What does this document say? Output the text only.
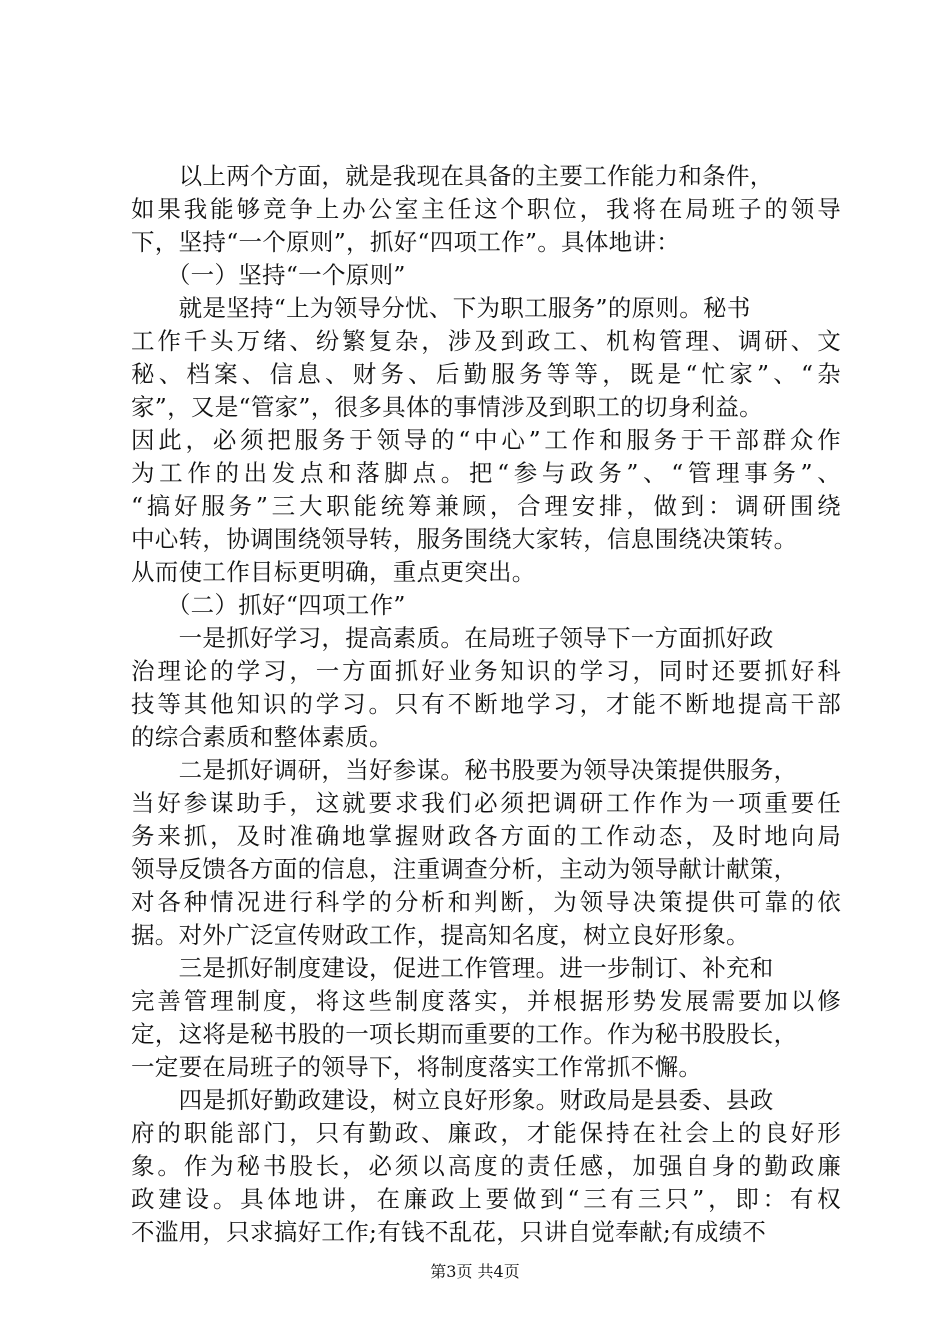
　　以上两个方面，就是我现在具备的主要工作能力和条件，
如果我能够竞争上办公室主任这个职位，我将在局班子的领导
下，坚持“一个原则”，抓好“四项工作”。具体地讲：
　　（一）坚持“一个原则”
　　就是坚持“上为领导分忧、下为职工服务”的原则。秘书
工作千头万绪、纷繁复杂，涉及到政工、机构管理、调研、文
秘、档案、信息、财务、后勤服务等等，既是“忙家”、“杂
家”，又是“管家”，很多具体的事情涉及到职工的切身利益。
因此，必须把服务于领导的“中心”工作和服务于干部群众作
为工作的出发点和落脚点。把“参与政务”、“管理事务”、
“搞好服务”三大职能统筹兼顾，合理安排，做到：调研围绕
中心转，协调围绕领导转，服务围绕大家转，信息围绕决策转。
从而使工作目标更明确，重点更突出。
　　（二）抓好“四项工作”
　　一是抓好学习，提高素质。在局班子领导下一方面抓好政
治理论的学习，一方面抓好业务知识的学习，同时还要抓好科
技等其他知识的学习。只有不断地学习，才能不断地提高干部
的综合素质和整体素质。
　　二是抓好调研，当好参谋。秘书股要为领导决策提供服务，
当好参谋助手，这就要求我们必须把调研工作作为一项重要任
务来抓，及时准确地掌握财政各方面的工作动态，及时地向局
领导反馈各方面的信息，注重调查分析，主动为领导献计献策，
对各种情况进行科学的分析和判断，为领导决策提供可靠的依
据。对外广泛宣传财政工作，提高知名度，树立良好形象。
　　三是抓好制度建设，促进工作管理。进一步制订、补充和
完善管理制度，将这些制度落实，并根据形势发展需要加以修
定，这将是秘书股的一项长期而重要的工作。作为秘书股股长，
一定要在局班子的领导下，将制度落实工作常抓不懈。
　　四是抓好勤政建设，树立良好形象。财政局是县委、县政
府的职能部门，只有勤政、廉政，才能保持在社会上的良好形
象。作为秘书股长，必须以高度的责任感，加强自身的勤政廉
政建设。具体地讲，在廉政上要做到“三有三只”，即：有权
不滥用，只求搞好工作;有钱不乱花，只讲自觉奉献;有成绩不
第3页 共4页
